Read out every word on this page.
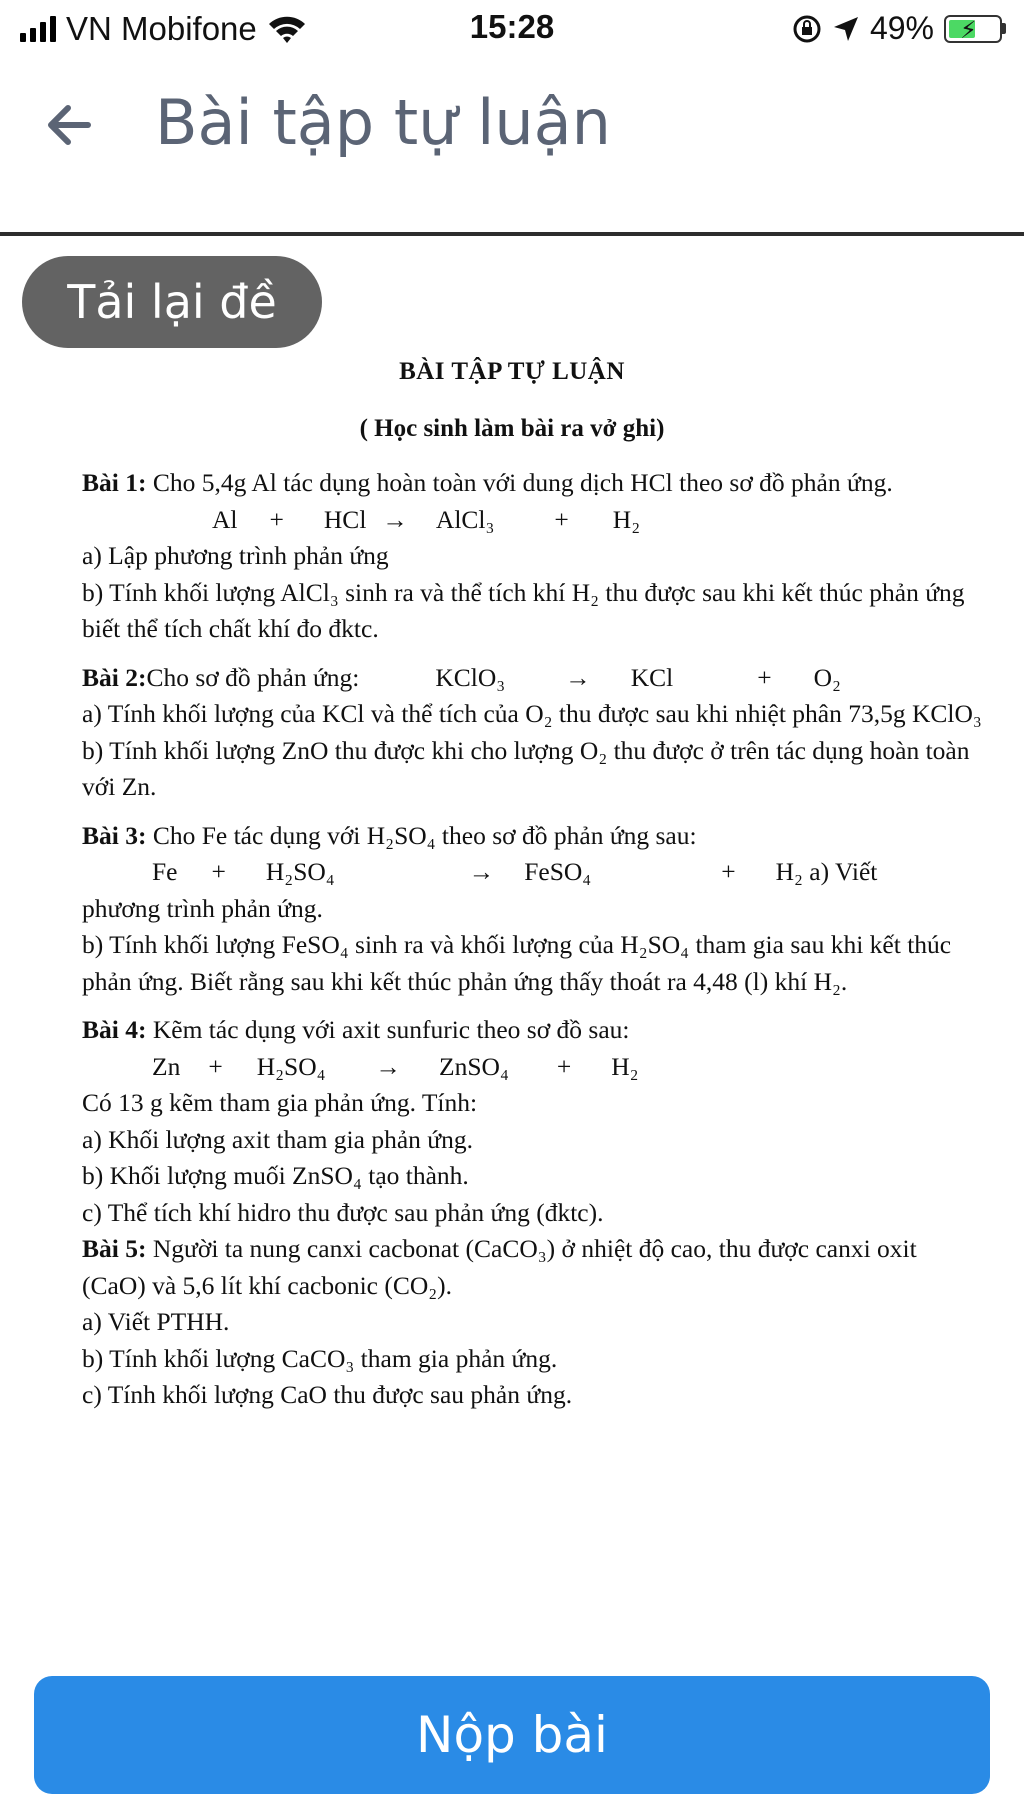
VN Mobifone	15:28	49% ⚡
Bài tập tự luận
Tải lại đề
BÀI TẬP TỰ LUẬN
( Học sinh làm bài ra vở ghi)
Bài 1: Cho 5,4g Al tác dụng hoàn toàn với dung dịch HCl theo sơ đồ phản ứng.
Al + HCl → AlCl₃ + H₂
a) Lập phương trình phản ứng
b) Tính khối lượng AlCl₃ sinh ra và thể tích khí H₂ thu được sau khi kết thúc phản ứng biết thể tích chất khí đo đktc.
Bài 2:Cho sơ đồ phản ứng:	KClO₃ → KCl	+ O₂
a) Tính khối lượng của KCl và thể tích của O₂ thu được sau khi nhiệt phân 73,5g KClO₃
b) Tính khối lượng ZnO thu được khi cho lượng O₂ thu được ở trên tác dụng hoàn toàn với Zn.
Bài 3: Cho Fe tác dụng với H₂SO₄ theo sơ đồ phản ứng sau:
Fe + H₂SO₄	→ FeSO₄	+ H₂ a) Viết
phương trình phản ứng.
b) Tính khối lượng FeSO₄ sinh ra và khối lượng của H₂SO₄ tham gia sau khi kết thúc phản ứng. Biết rằng sau khi kết thúc phản ứng thấy thoát ra 4,48 (l) khí H₂.
Bài 4: Kẽm tác dụng với axit sunfuric theo sơ đồ sau:
Zn + H₂SO₄ → ZnSO₄ + H₂
Có 13 g kẽm tham gia phản ứng. Tính:
a) Khối lượng axit tham gia phản ứng.
b) Khối lượng muối ZnSO₄ tạo thành.
c) Thể tích khí hidro thu được sau phản ứng (đktc).
Bài 5: Người ta nung canxi cacbonat (CaCO₃) ở nhiệt độ cao, thu được canxi oxit (CaO) và 5,6 lít khí cacbonic (CO₂).
a) Viết PTHH.
b) Tính khối lượng CaCO₃ tham gia phản ứng.
c) Tính khối lượng CaO thu được sau phản ứng.
Nộp bài
